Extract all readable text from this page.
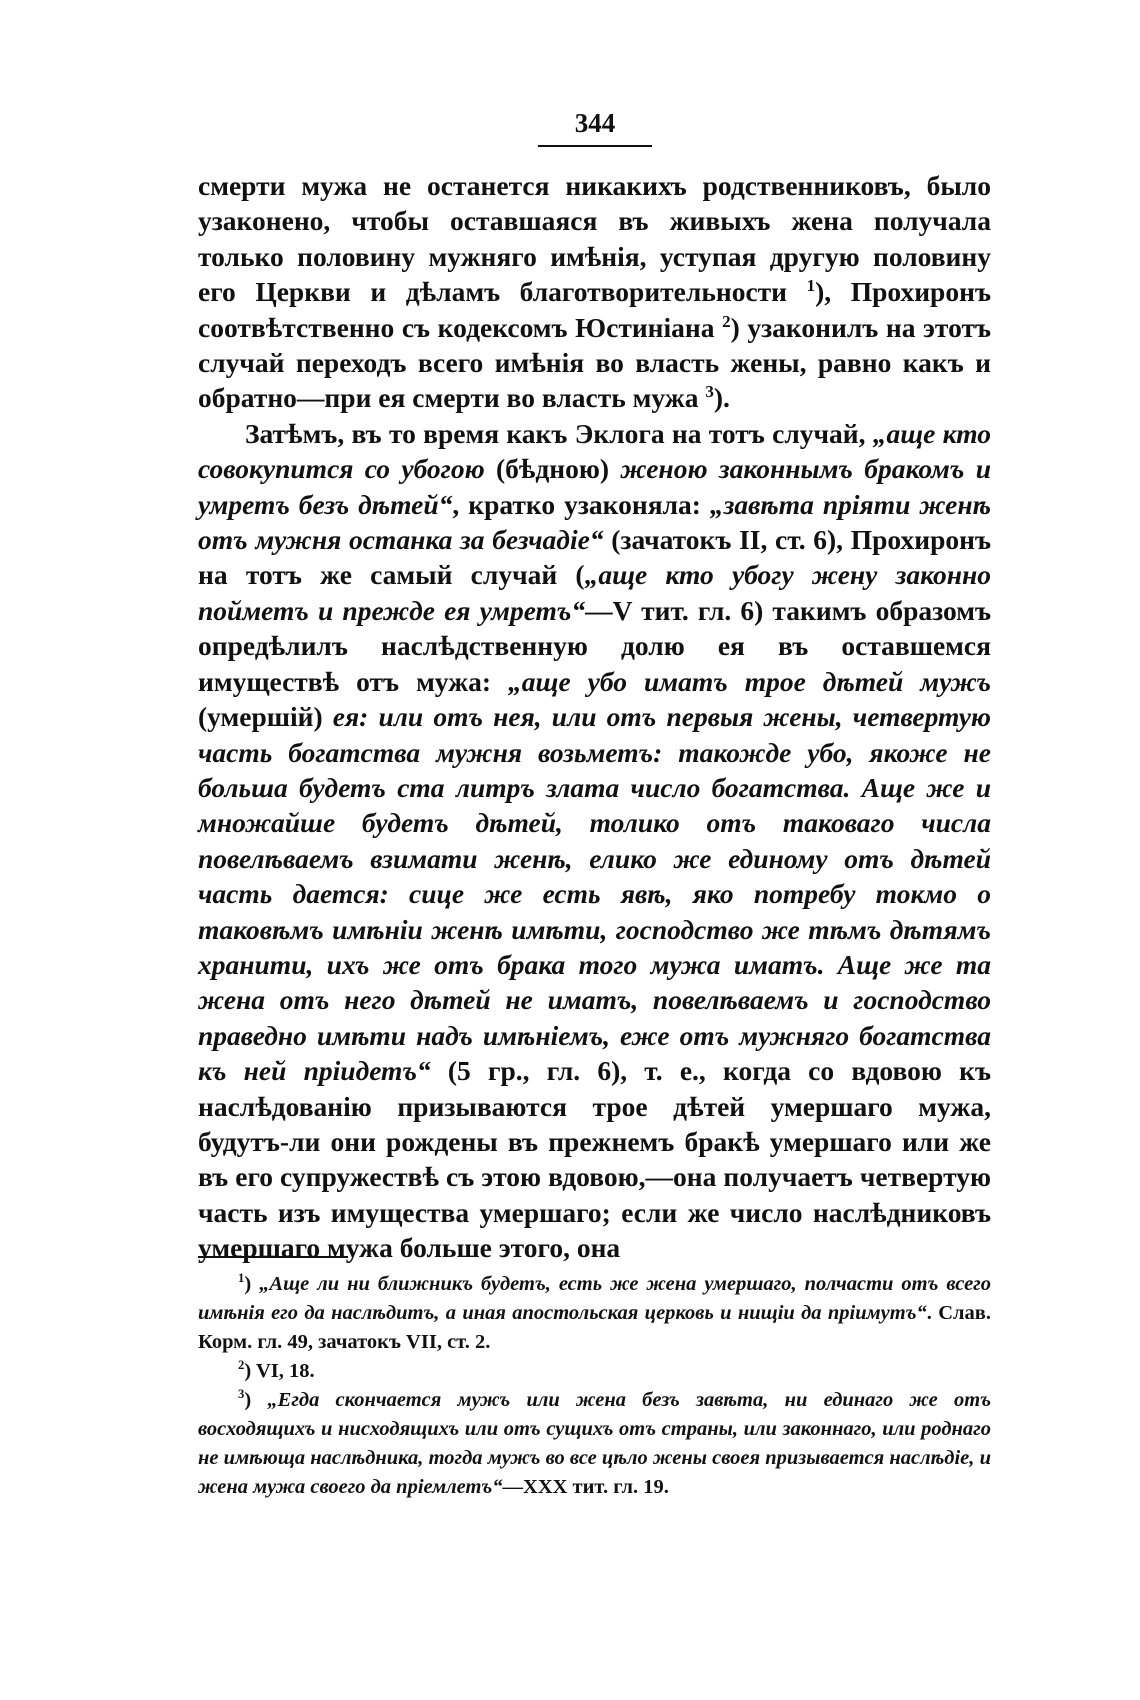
344

смерти мужа не останется никакихъ родственниковъ, было узаконено, чтобы оставшаяся въ живыхъ жена получала только половину мужняго имѣнія, уступая другую половину его Церкви и дѣламъ благотворительности $^1$), Прохиронъ соотвѣтственно съ кодексомъ Юстиніана $^2$) узаконилъ на этотъ случай переходъ всего имѣнія во власть жены, равно какъ и обратно—при ея смерти во власть мужа $^3$).

Затѣмъ, въ то время какъ Эклога на тотъ случай, „аще кто совокупится со убогою (бѣдною) женою законнымъ бракомъ и умретъ безъ дѣтей“, кратко узаконяла: „завѣта пріяти женѣ отъ мужня останка за безчадіе“ (зачатокъ II, ст. 6), Прохиронъ на тотъ же самый случай („аще кто убогу жену законно пойметъ и прежде ея умретъ“—V тит. гл. 6) такимъ образомъ опредѣлилъ наслѣдственную долю ея въ оставшемся имуществѣ отъ мужа: „аще убо иматъ трое дѣтей мужъ (умершій) ея: или отъ нея, или отъ первыя жены, четвертую часть богатства мужня возьметъ: такожде убо, якоже не больша будетъ ста литръ злата число богатства. Аще же и множайше будетъ дѣтей, толико отъ таковаго числа повелѣваемъ взимати женѣ, елико же единому отъ дѣтей часть дается: сице же есть явѣ, яко потребу токмо о таковѣмъ имѣніи женѣ имѣти, господство же тѣмъ дѣтямъ хранити, ихъ же отъ брака того мужа иматъ. Аще же та жена отъ него дѣтей не иматъ, повелѣваемъ и господство праведно имѣти надъ имѣніемъ, еже отъ мужняго богатства къ ней пріидетъ“ (5 гр., гл. 6), т. е., когда со вдовою къ наслѣдованію призываются трое дѣтей умершаго мужа, будутъ-ли они рождены въ прежнемъ бракѣ умершаго или же въ его супружествѣ съ этою вдовою,—она получаетъ четвертую часть изъ имущества умершаго; если же число наслѣдниковъ умершаго мужа больше этого, она

$^1$) „Аще ли ни ближникъ будетъ, есть же жена умершаго, полчасти отъ всего имѣнія его да наслѣдитъ, а иная апостольская церковь и нищіи да пріимутъ“. Слав. Корм. гл. 49, зачатокъ VII, ст. 2.

$^2$) VI, 18.

$^3$) „Егда скончается мужъ или жена безъ завѣта, ни единаго же отъ восходящихъ и нисходящихъ или отъ сущихъ отъ страны, или законнаго, или роднаго не имѣюща наслѣдника, тогда мужъ во все цѣло жены своея призывается наслѣдіе, и жена мужа своего да пріемлетъ“—XXX тит. гл. 19.
